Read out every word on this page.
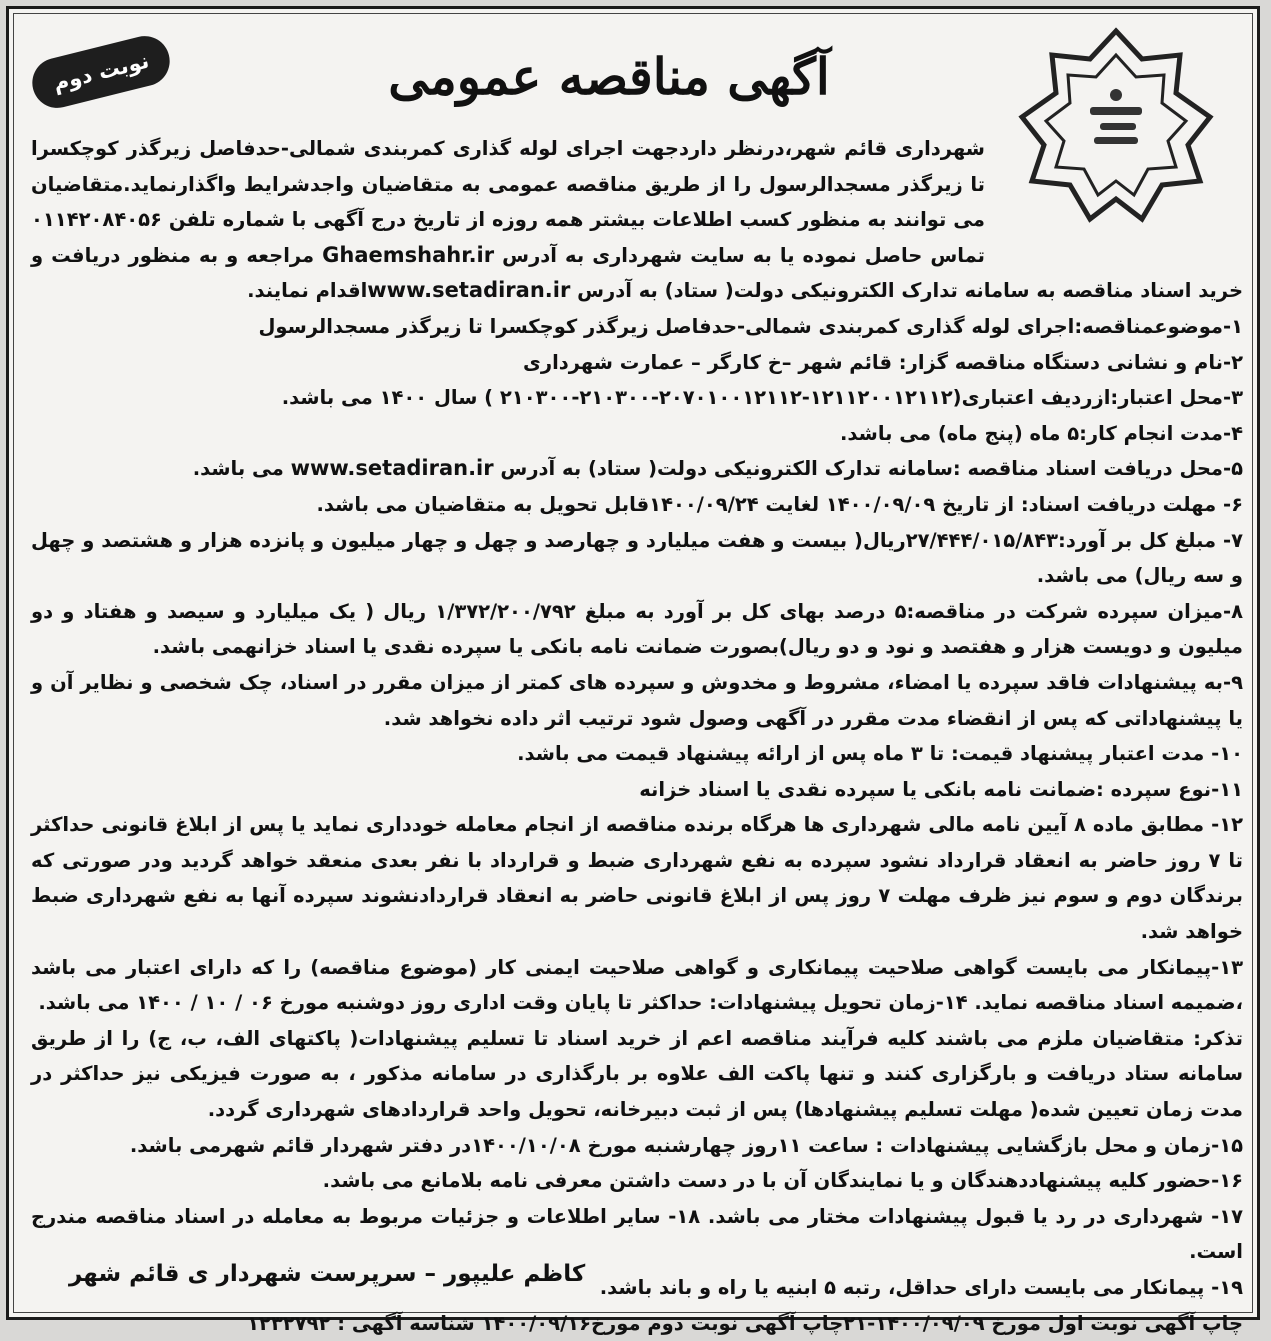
نوبت دوم	آگهی مناقصه عمومی
شهرداری قائم شهر،درنظر داردجهت اجرای لوله گذاری کمربندی شمالی-حدفاصل زیرگذر کوچکسرا تا زیرگذر مسجدالرسول را از طریق مناقصه عمومی به متقاضیان واجدشرایط واگذارنماید.متقاضیان می توانند به منظور کسب اطلاعات بیشتر همه روزه از تاریخ درج آگهی با شماره تلفن ۰۱۱۴۲۰۸۴۰۵۶ تماس حاصل نموده یا به سایت شهرداری به آدرس Ghaemshahr.ir مراجعه و به منظور دریافت و خرید اسناد مناقصه به سامانه تدارک الکترونیکی دولت( ستاد) به آدرس www.setadiran.irاقدام نمایند.
۱-موضوعمناقصه:اجرای لوله گذاری کمربندی شمالی-حدفاصل زیرگذر کوچکسرا تا زیرگذر مسجدالرسول
۲-نام و نشانی دستگاه مناقصه گزار: قائم شهر –خ کارگر – عمارت شهرداری
۳-محل اعتبار:ازردیف اعتباری(۱۲۱۱۲۰۰۱۲۱۱۲-۲۰۷۰۱۰۰۱۲۱۱۲-۲۱۰۳۰۰-۲۱۰۳۰۰ ) سال ۱۴۰۰ می باشد.
۴-مدت انجام کار:۵ ماه (پنج ماه) می باشد.
۵-محل دریافت اسناد مناقصه :سامانه تدارک الکترونیکی دولت( ستاد) به آدرس www.setadiran.ir می باشد.
۶- مهلت دریافت اسناد: از تاریخ ۱۴۰۰/۰۹/۰۹ لغایت ۱۴۰۰/۰۹/۲۴قابل تحویل به متقاضیان می باشد.
۷- مبلغ کل بر آورد:۲۷/۴۴۴/۰۱۵/۸۴۳ریال( بیست و هفت میلیارد و چهارصد و چهل و چهار میلیون و پانزده هزار و هشتصد و چهل و سه ریال) می باشد.
۸-میزان سپرده شرکت در مناقصه:۵ درصد بهای کل بر آورد به مبلغ ۱/۳۷۲/۲۰۰/۷۹۲ ریال ( یک میلیارد و سیصد و هفتاد و دو میلیون و دویست هزار و هفتصد و نود و دو ریال)بصورت ضمانت نامه بانکی یا سپرده نقدی یا اسناد خزانهمی باشد.
۹-به پیشنهادات فاقد سپرده یا امضاء، مشروط و مخدوش و سپرده های کمتر از میزان مقرر در اسناد، چک شخصی و نظایر آن و یا پیشنهاداتی که پس از انقضاء مدت مقرر در آگهی وصول شود ترتیب اثر داده نخواهد شد.
۱۰- مدت اعتبار پیشنهاد قیمت: تا ۳ ماه پس از ارائه پیشنهاد قیمت می باشد.
۱۱-نوع سپرده :ضمانت نامه بانکی یا سپرده نقدی یا اسناد خزانه
۱۲- مطابق ماده ۸ آیین نامه مالی شهرداری ها هرگاه برنده مناقصه از انجام معامله خودداری نماید یا پس از ابلاغ قانونی حداکثر تا ۷ روز حاضر به انعقاد قرارداد نشود سپرده به نفع شهرداری ضبط و قرارداد با نفر بعدی منعقد خواهد گردید ودر صورتی که برندگان دوم و سوم نیز ظرف مهلت ۷ روز پس از ابلاغ قانونی حاضر به انعقاد قراردادنشوند سپرده آنها به نفع شهرداری ضبط خواهد شد.
۱۳-پیمانکار می بایست گواهی صلاحیت پیمانکاری و گواهی صلاحیت ایمنی کار (موضوع مناقصه) را که دارای اعتبار می باشد ،ضمیمه اسناد مناقصه نماید. ۱۴-زمان تحویل پیشنهادات: حداکثر تا پایان وقت اداری روز دوشنبه مورخ ۰۶ / ۱۰ / ۱۴۰۰ می باشد.
تذکر: متقاضیان ملزم می باشند کلیه فرآیند مناقصه اعم از خرید اسناد تا تسلیم پیشنهادات( پاکتهای الف، ب، ج) را از طریق سامانه ستاد دریافت و بارگزاری کنند و تنها پاکت الف علاوه بر بارگذاری در سامانه مذکور ، به صورت فیزیکی نیز حداکثر در مدت زمان تعیین شده( مهلت تسلیم پیشنهادها) پس از ثبت دبیرخانه، تحویل واحد قراردادهای شهرداری گردد.
۱۵-زمان و محل بازگشایی پیشنهادات : ساعت ۱۱روز چهارشنبه مورخ ۱۴۰۰/۱۰/۰۸در دفتر شهردار قائم شهرمی باشد.
۱۶-حضور کلیه پیشنهاددهندگان و یا نمایندگان آن با در دست داشتن معرفی نامه بلامانع می باشد.
۱۷- شهرداری در رد یا قبول پیشنهادات مختار می باشد. ۱۸- سایر اطلاعات و جزئیات مربوط به معامله در اسناد مناقصه مندرج است.
۱۹- پیمانکار می بایست دارای حداقل، رتبه ۵ ابنیه یا راه و باند باشد.
چاپ آگهی نوبت اول مورخ ۱۴۰۰/۰۹/۰۹-۲۱چاپ آگهی نوبت دوم مورخ۱۴۰۰/۰۹/۱۶ شناسه آگهی : ۱۲۳۲۷۹۲
کاظم علیپور – سرپرست شهردار ی قائم شهر
